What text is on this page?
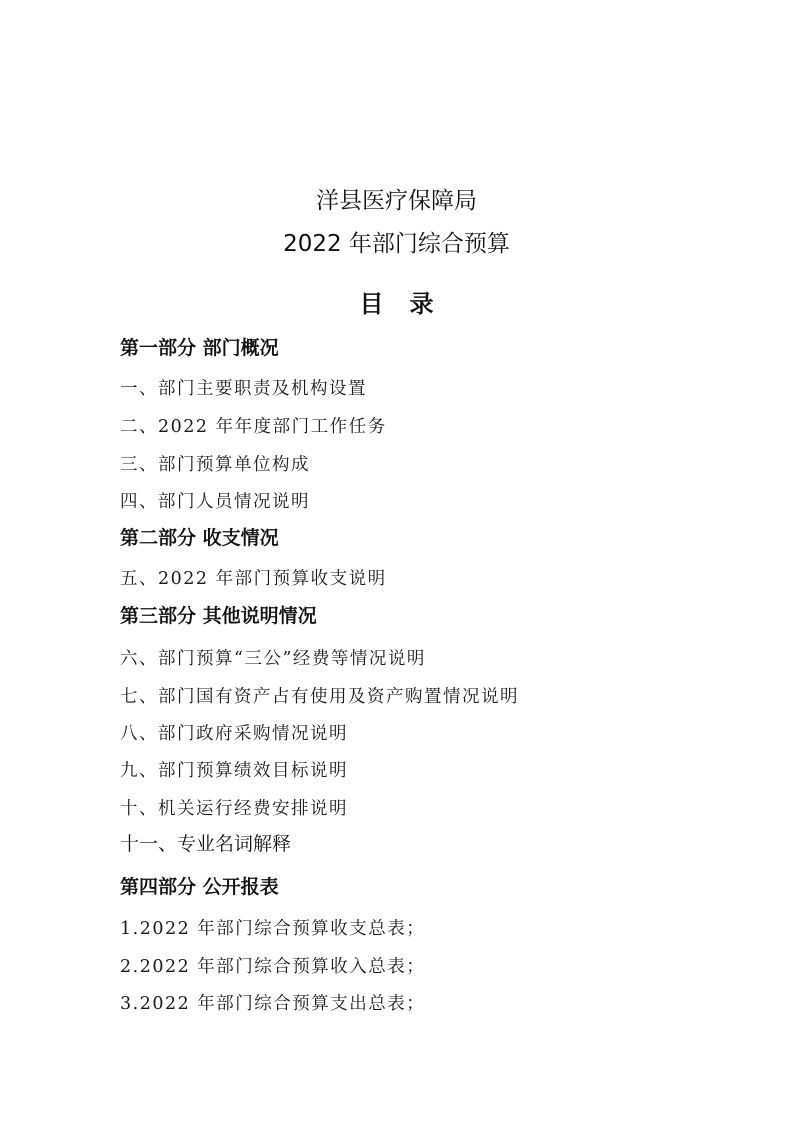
洋县医疗保障局
2022 年部门综合预算
目录
第一部分 部门概况
一、部门主要职责及机构设置
二、2022 年年度部门工作任务
三、部门预算单位构成
四、部门人员情况说明
第二部分 收支情况
五、2022 年部门预算收支说明
第三部分 其他说明情况
六、部门预算“三公”经费等情况说明
七、部门国有资产占有使用及资产购置情况说明
八、部门政府采购情况说明
九、部门预算绩效目标说明
十、机关运行经费安排说明
十一、专业名词解释
第四部分 公开报表
1.2022 年部门综合预算收支总表；
2.2022 年部门综合预算收入总表；
3.2022 年部门综合预算支出总表；
